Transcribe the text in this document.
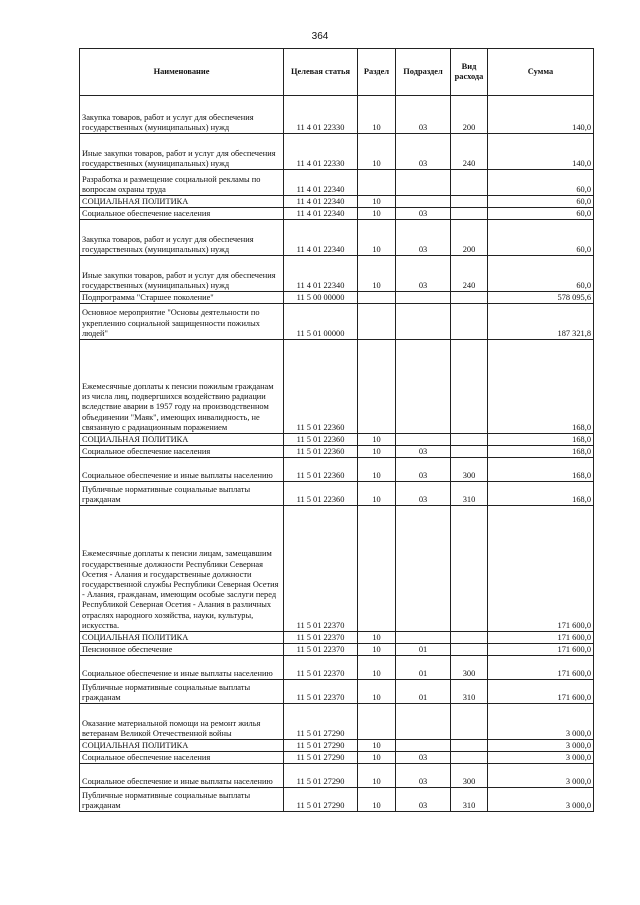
364
Наименование	Целевая статья	Раздел	Подраздел	Вид расхода	Сумма
Закупка товаров, работ и услуг для обеспечения государственных (муниципальных) нужд	11 4 01 22330	10	03	200	140,0
Иные закупки товаров, работ и услуг для обеспечения государственных (муниципальных) нужд	11 4 01 22330	10	03	240	140,0
Разработка и размещение социальной рекламы по вопросам охраны труда	11 4 01 22340				60,0
СОЦИАЛЬНАЯ ПОЛИТИКА	11 4 01 22340	10			60,0
Социальное обеспечение населения	11 4 01 22340	10	03		60,0
Закупка товаров, работ и услуг для обеспечения государственных (муниципальных) нужд	11 4 01 22340	10	03	200	60,0
Иные закупки товаров, работ и услуг для обеспечения государственных (муниципальных) нужд	11 4 01 22340	10	03	240	60,0
Подпрограмма "Старшее поколение"	11 5 00 00000				578 095,6
Основное мероприятие "Основы деятельности по укреплению социальной защищенности пожилых людей"	11 5 01 00000				187 321,8
Ежемесячные доплаты к пенсии пожилым гражданам из числа лиц, подвергшихся воздействию радиации вследствие аварии в 1957 году на производственном объединении "Маяк", имеющих инвалидность, не связанную с радиационным поражением	11 5 01 22360				168,0
СОЦИАЛЬНАЯ ПОЛИТИКА	11 5 01 22360	10			168,0
Социальное обеспечение населения	11 5 01 22360	10	03		168,0
Социальное обеспечение и иные выплаты населению	11 5 01 22360	10	03	300	168,0
Публичные нормативные социальные выплаты гражданам	11 5 01 22360	10	03	310	168,0
Ежемесячные доплаты к пенсии лицам, замещавшим государственные должности Республики Северная Осетия - Алания и государственные должности государственной службы Республики Северная Осетия - Алания, гражданам, имеющим особые заслуги перед Республикой Северная Осетия - Алания в различных отраслях народного хозяйства, науки, культуры, искусства.	11 5 01 22370				171 600,0
СОЦИАЛЬНАЯ ПОЛИТИКА	11 5 01 22370	10			171 600,0
Пенсионное обеспечение	11 5 01 22370	10	01		171 600,0
Социальное обеспечение и иные выплаты населению	11 5 01 22370	10	01	300	171 600,0
Публичные нормативные социальные выплаты гражданам	11 5 01 22370	10	01	310	171 600,0
Оказание материальной помощи на ремонт жилья ветеранам Великой Отечественной войны	11 5 01 27290				3 000,0
СОЦИАЛЬНАЯ ПОЛИТИКА	11 5 01 27290	10			3 000,0
Социальное обеспечение населения	11 5 01 27290	10	03		3 000,0
Социальное обеспечение и иные выплаты населению	11 5 01 27290	10	03	300	3 000,0
Публичные нормативные социальные выплаты гражданам	11 5 01 27290	10	03	310	3 000,0
